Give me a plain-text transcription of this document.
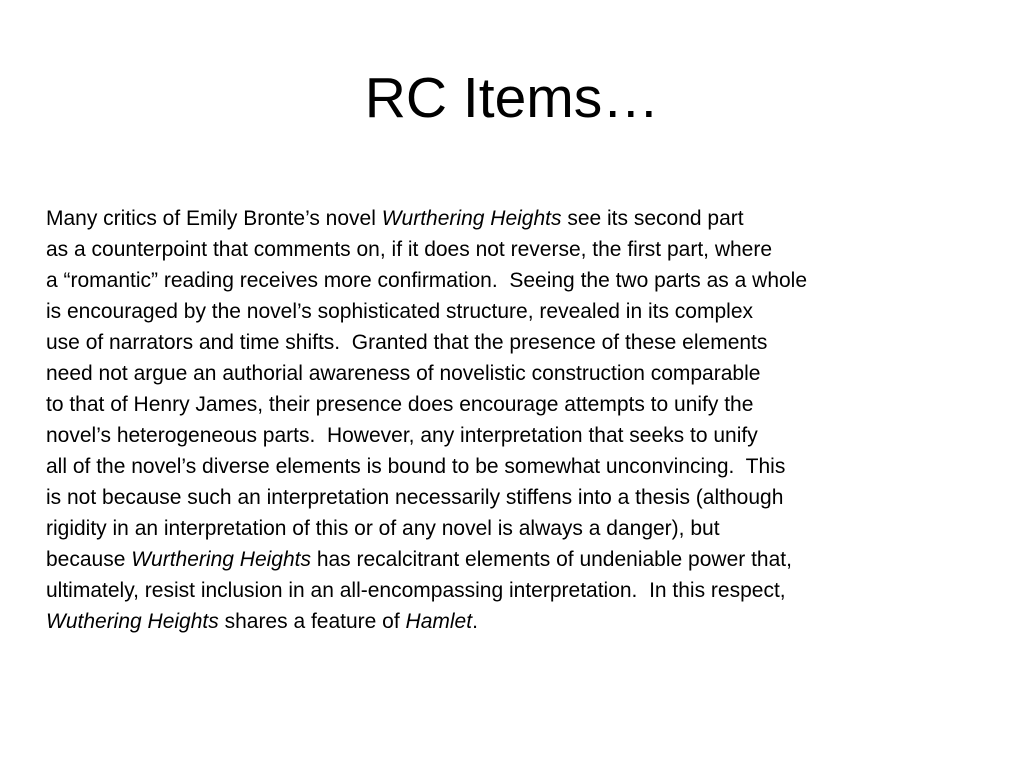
RC Items…
Many critics of Emily Bronte’s novel Wurthering Heights see its second part
as a counterpoint that comments on, if it does not reverse, the first part, where
a “romantic” reading receives more confirmation.  Seeing the two parts as a whole
is encouraged by the novel’s sophisticated structure, revealed in its complex
use of narrators and time shifts.  Granted that the presence of these elements
need not argue an authorial awareness of novelistic construction comparable
to that of Henry James, their presence does encourage attempts to unify the
novel’s heterogeneous parts.  However, any interpretation that seeks to unify
all of the novel’s diverse elements is bound to be somewhat unconvincing.  This
is not because such an interpretation necessarily stiffens into a thesis (although
rigidity in an interpretation of this or of any novel is always a danger), but
because Wurthering Heights has recalcitrant elements of undeniable power that,
ultimately, resist inclusion in an all-encompassing interpretation.  In this respect,
Wuthering Heights shares a feature of Hamlet.
